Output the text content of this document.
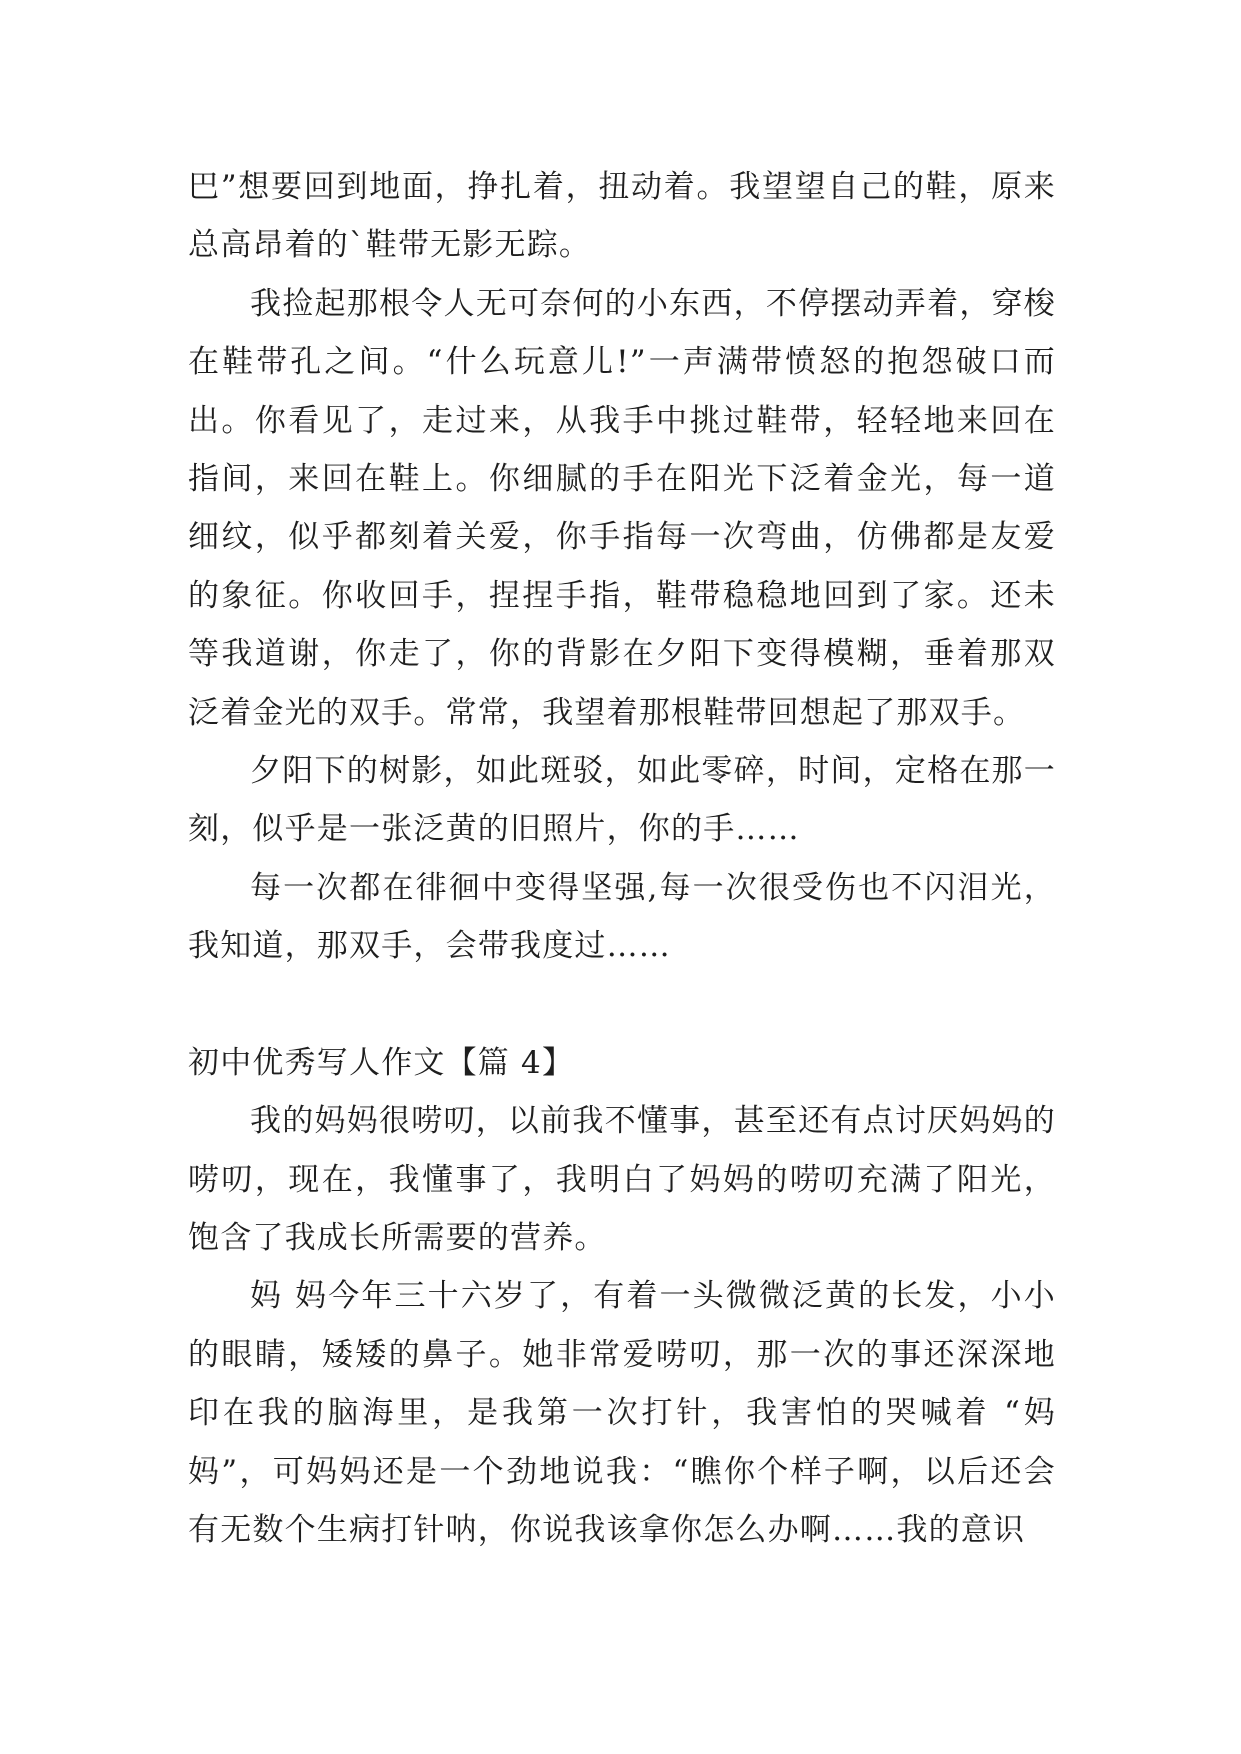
巴”想要回到地面，挣扎着，扭动着。我望望自己的鞋，原来总高昂着的`鞋带无影无踪。

我捡起那根令人无可奈何的小东西，不停摆动弄着，穿梭在鞋带孔之间。“什么玩意儿!”一声满带愤怒的抱怨破口而出。你看见了，走过来，从我手中挑过鞋带，轻轻地来回在指间，来回在鞋上。你细腻的手在阳光下泛着金光，每一道细纹，似乎都刻着关爱，你手指每一次弯曲，仿佛都是友爱的象征。你收回手，捏捏手指，鞋带稳稳地回到了家。还未等我道谢，你走了，你的背影在夕阳下变得模糊，垂着那双泛着金光的双手。常常，我望着那根鞋带回想起了那双手。

夕阳下的树影，如此斑驳，如此零碎，时间，定格在那一刻，似乎是一张泛黄的旧照片，你的手……

每一次都在徘徊中变得坚强,每一次很受伤也不闪泪光，我知道，那双手，会带我度过……

初中优秀写人作文【篇 4】

我的妈妈很唠叨，以前我不懂事，甚至还有点讨厌妈妈的唠叨，现在，我懂事了，我明白了妈妈的唠叨充满了阳光，饱含了我成长所需要的营养。

妈 妈今年三十六岁了，有着一头微微泛黄的长发，小小的眼睛，矮矮的鼻子。她非常爱唠叨，那一次的事还深深地印在我的脑海里，是我第一次打针，我害怕的哭喊着 “妈妈”，可妈妈还是一个劲地说我：“瞧你个样子啊，以后还会有无数个生病打针呐，你说我该拿你怎么办啊……我的意识
